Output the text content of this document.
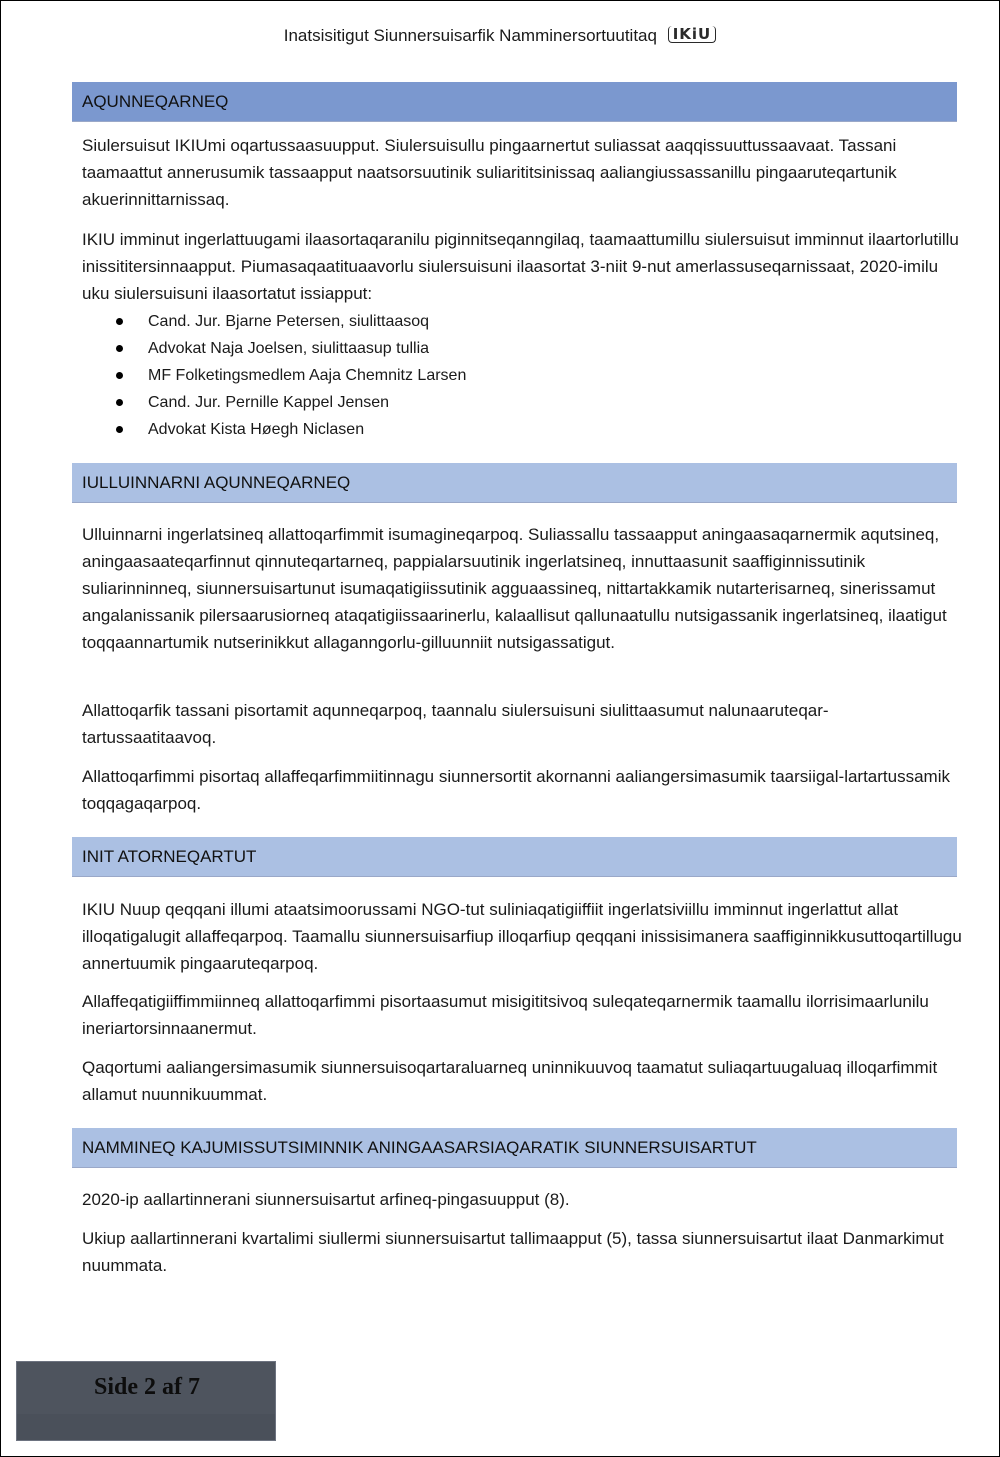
Inatsisitigut Siunnersuisarfik Namminersortuutitaq IKiU
AQUNNEQARNEQ

Siulersuisut IKIUmi oqartussaasuupput. Siulersuisullu pingaarnertut suliassat aaqqissuuttussaavaat. Tassani taamaattut annerusumik tassaapput naatsorsuutinik suliarititsinissaq aaliangiussassanillu pingaaruteqartunik akuerinnittarnissaq.

IKIU imminut ingerlattuugami ilaasortaqaranilu piginnitseqanngilaq, taamaattumillu siulersuisut imminnut ilaartorlutillu inissititersinnaapput. Piumasaqaatituaavorlu siulersuisuni ilaasortat 3-niit 9-nut amerlassuseqarnissaat, 2020-imilu uku siulersuisuni ilaasortatut issiapput:

Cand. Jur. Bjarne Petersen, siulittaasoq
Advokat Naja Joelsen, siulittaasup tullia
MF Folketingsmedlem Aaja Chemnitz Larsen
Cand. Jur. Pernille Kappel Jensen
Advokat Kista Høegh Niclasen
IULLUINNARNI AQUNNEQARNEQ

Ulluinnarni ingerlatsineq allattoqarfimmit isumagineqarpoq. Suliassallu tassaapput aningaasaqarnermik aqutsineq, aningaasaateqarfinnut qinnuteqartarneq, pappialarsuutinik ingerlatsineq, innuttaasunit saaffiginnissutinik suliarinninneq, siunnersuisartunut isumaqatigiissutinik agguaassineq, nittartakkamik nutarterisarneq, sinerissamut angalanissanik pilersaarusiorneq ataqatigiissaarinerlu, kalaallisut qallunaatullu nutsigassanik ingerlatsineq, ilaatigut toqqaannartumik nutserinikkut allaganngorlu-gilluunniit nutsigassatigut.

Allattoqarfik tassani pisortamit aqunneqarpoq, taannalu siulersuisuni siulittaasumut nalunaaruteqar-tartussaatitaavoq.

Allattoqarfimmi pisortaq allaffeqarfimmiitinnagu siunnersortit akornanni aaliangersimasumik taarsiigal-lartartussamik toqqagaqarpoq.

INIT ATORNEQARTUT

IKIU Nuup qeqqani illumi ataatsimoorussami NGO-tut suliniaqatigiiffiit ingerlatsiviillu imminnut ingerlattut allat illoqatigalugit allaffeqarpoq. Taamallu siunnersuisarfiup illoqarfiup qeqqani inissisimanera saaffiginnikkusuttoqartillugu annertuumik pingaaruteqarpoq.

Allaffeqatigiiffimmiinneq allattoqarfimmi pisortaasumut misigititsivoq suleqateqarnermik taamallu ilorrisimaarlunilu ineriartorsinnaanermut.

Qaqortumi aaliangersimasumik siunnersuisoqartaraluarneq uninnikuuvoq taamatut suliaqartuugaluaq illoqarfimmit allamut nuunnikuummat.

NAMMINEQ KAJUMISSUTSIMINNIK ANINGAASARSIAQARATIK SIUNNERSUISARTUT

2020-ip aallartinnerani siunnersuisartut arfineq-pingasuupput (8).

Ukiup aallartinnerani kvartalimi siullermi siunnersuisartut tallimaapput (5), tassa siunnersuisartut ilaat Danmarkimut nuummata.

Side 2 af 7
